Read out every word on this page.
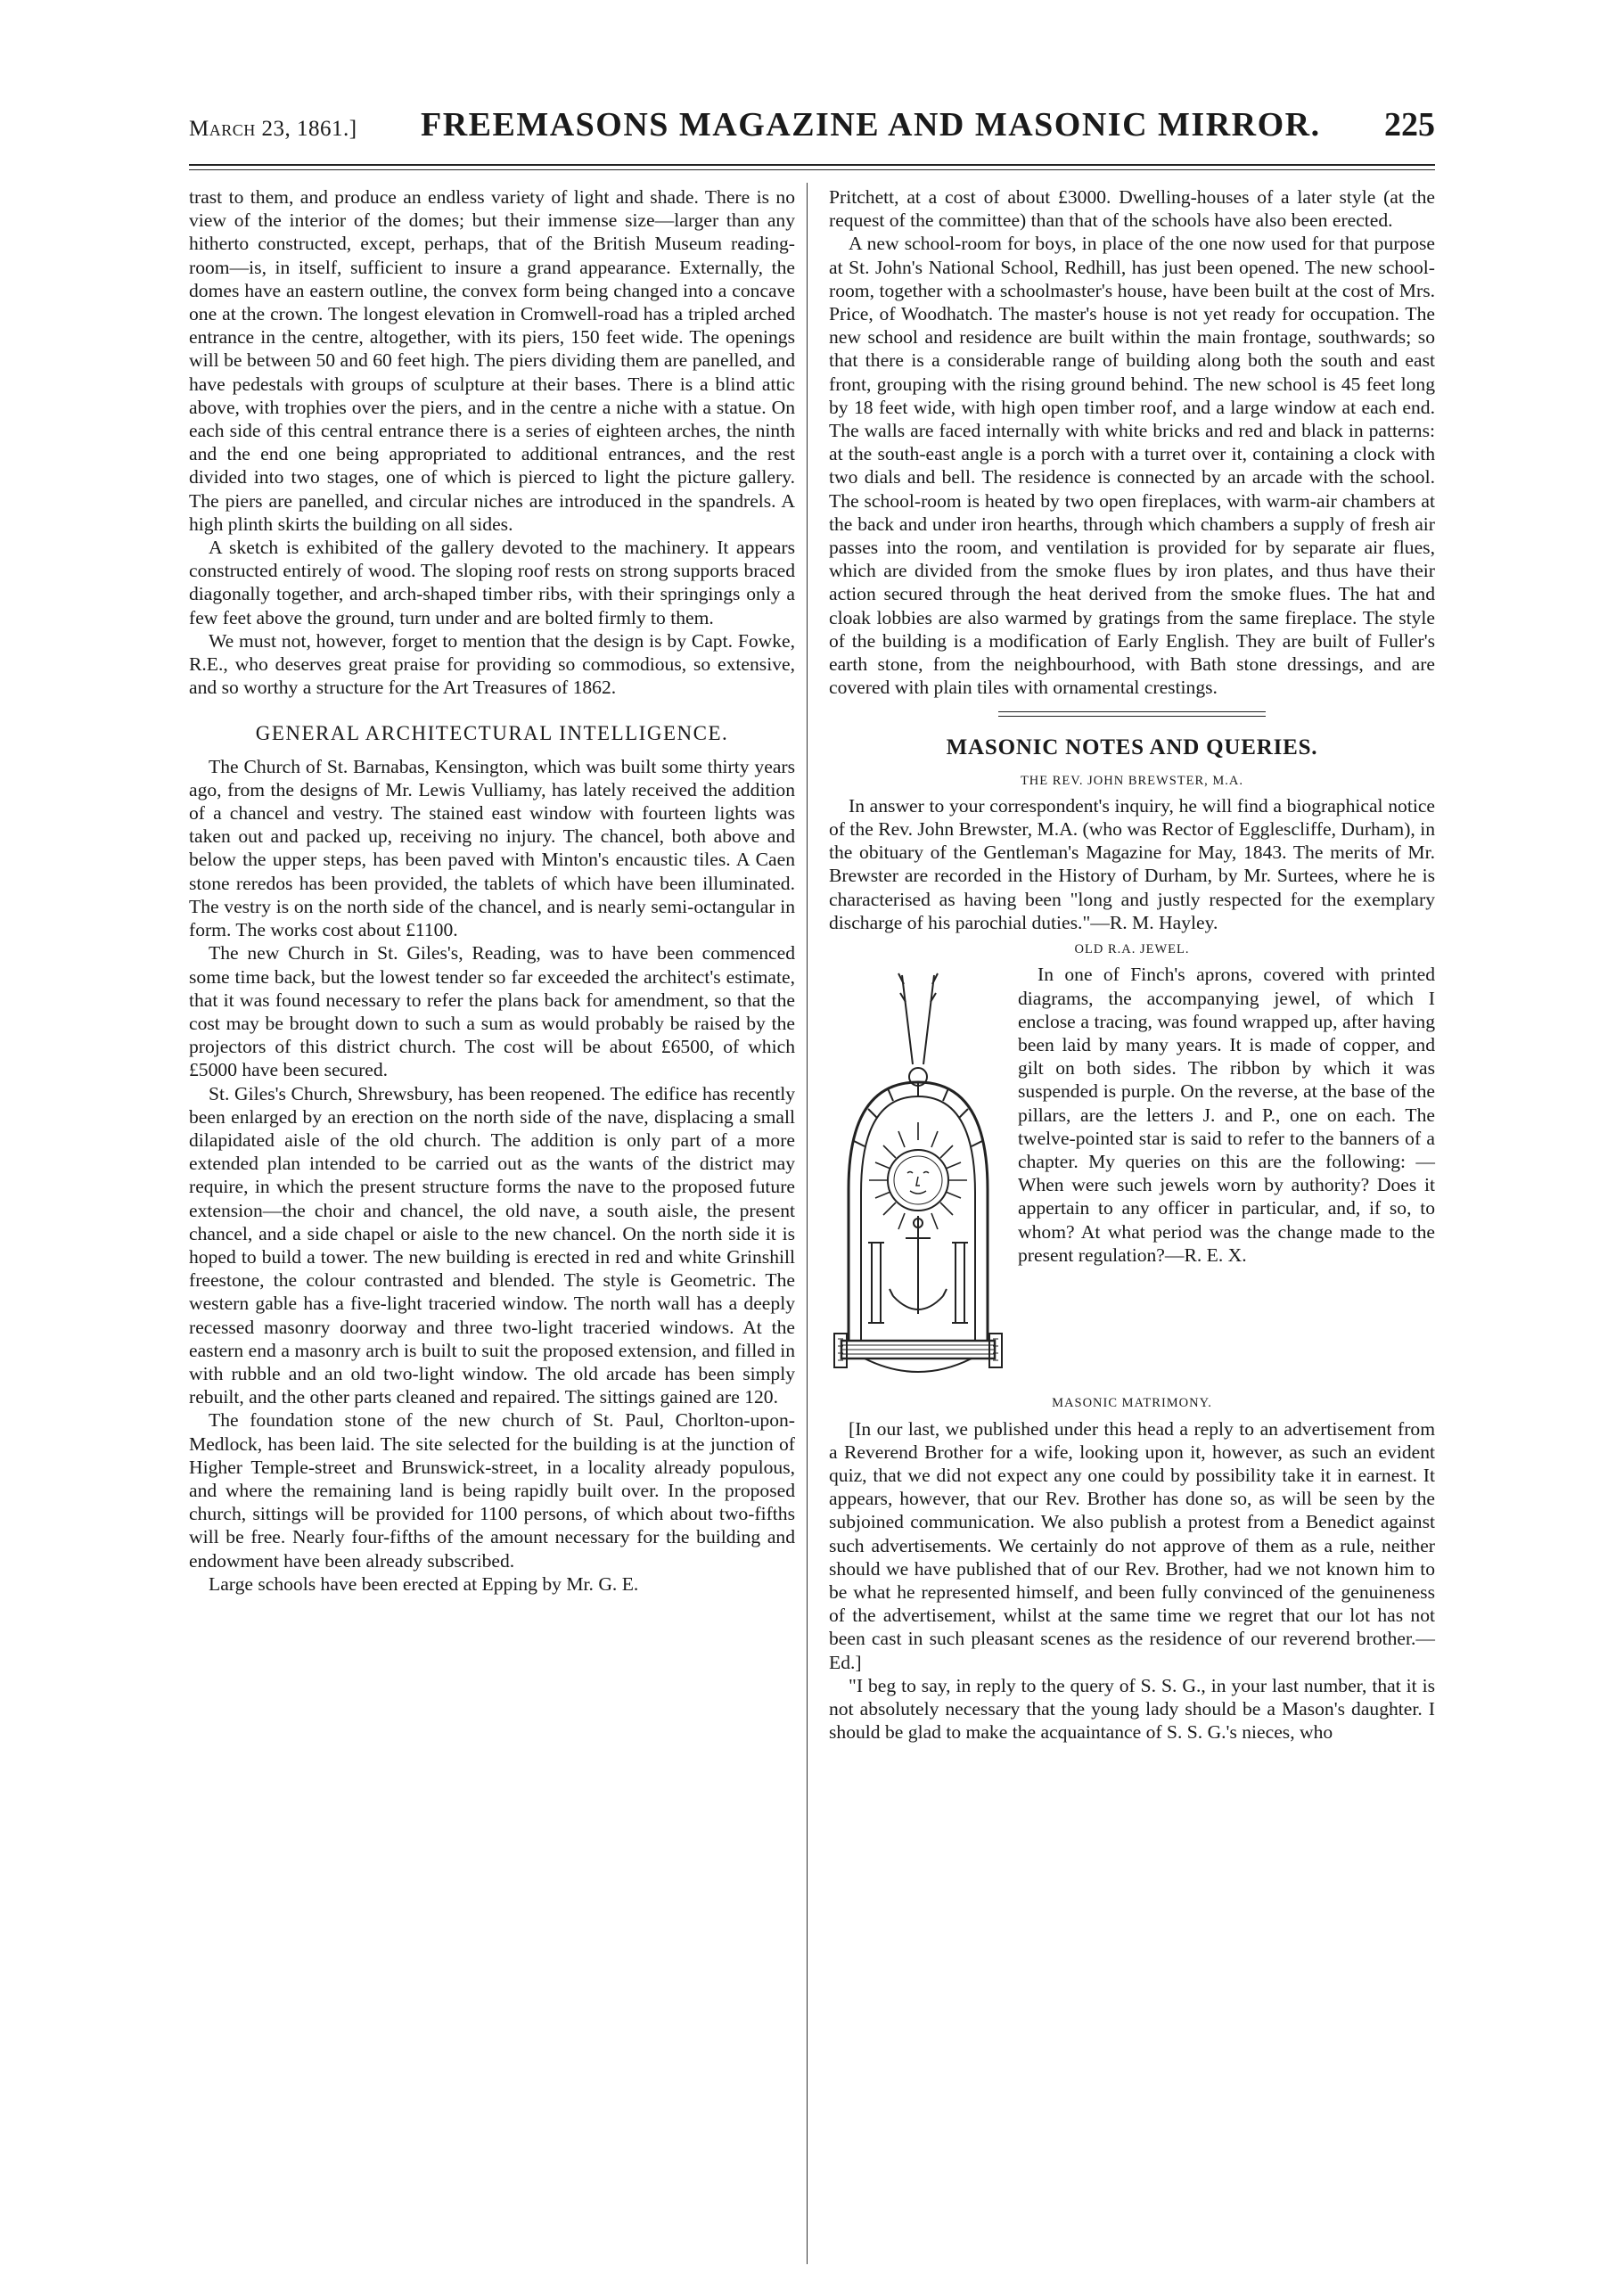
March 23, 1861.]	FREEMASONS MAGAZINE AND MASONIC MIRROR.	225

trast to them, and produce an endless variety of light and shade. There is no view of the interior of the domes; but their immense size—larger than any hitherto constructed, except, perhaps, that of the British Museum reading-room—is, in itself, sufficient to insure a grand appearance. Externally, the domes have an eastern outline, the convex form being changed into a concave one at the crown. The longest elevation in Cromwell-road has a tripled arched entrance in the centre, altogether, with its piers, 150 feet wide. The openings will be between 50 and 60 feet high. The piers dividing them are panelled, and have pedestals with groups of sculpture at their bases. There is a blind attic above, with trophies over the piers, and in the centre a niche with a statue. On each side of this central entrance there is a series of eighteen arches, the ninth and the end one being appropriated to additional entrances, and the rest divided into two stages, one of which is pierced to light the picture gallery. The piers are panelled, and circular niches are introduced in the spandrels. A high plinth skirts the building on all sides.

A sketch is exhibited of the gallery devoted to the machinery. It appears constructed entirely of wood. The sloping roof rests on strong supports braced diagonally together, and arch-shaped timber ribs, with their springings only a few feet above the ground, turn under and are bolted firmly to them.

We must not, however, forget to mention that the design is by Capt. Fowke, R.E., who deserves great praise for providing so commodious, so extensive, and so worthy a structure for the Art Treasures of 1862.

GENERAL ARCHITECTURAL INTELLIGENCE.

The Church of St. Barnabas, Kensington, which was built some thirty years ago, from the designs of Mr. Lewis Vulliamy, has lately received the addition of a chancel and vestry. The stained east window with fourteen lights was taken out and packed up, receiving no injury. The chancel, both above and below the upper steps, has been paved with Minton's encaustic tiles. A Caen stone reredos has been provided, the tablets of which have been illuminated. The vestry is on the north side of the chancel, and is nearly semi-octangular in form. The works cost about £1100.

The new Church in St. Giles's, Reading, was to have been commenced some time back, but the lowest tender so far exceeded the architect's estimate, that it was found necessary to refer the plans back for amendment, so that the cost may be brought down to such a sum as would probably be raised by the projectors of this district church. The cost will be about £6500, of which £5000 have been secured.

St. Giles's Church, Shrewsbury, has been reopened. The edifice has recently been enlarged by an erection on the north side of the nave, displacing a small dilapidated aisle of the old church. The addition is only part of a more extended plan intended to be carried out as the wants of the district may require, in which the present structure forms the nave to the proposed future extension—the choir and chancel, the old nave, a south aisle, the present chancel, and a side chapel or aisle to the new chancel. On the north side it is hoped to build a tower. The new building is erected in red and white Grinshill freestone, the colour contrasted and blended. The style is Geometric. The western gable has a five-light traceried window. The north wall has a deeply recessed masonry doorway and three two-light traceried windows. At the eastern end a masonry arch is built to suit the proposed extension, and filled in with rubble and an old two-light window. The old arcade has been simply rebuilt, and the other parts cleaned and repaired. The sittings gained are 120.

The foundation stone of the new church of St. Paul, Chorlton-upon-Medlock, has been laid. The site selected for the building is at the junction of Higher Temple-street and Brunswick-street, in a locality already populous, and where the remaining land is being rapidly built over. In the proposed church, sittings will be provided for 1100 persons, of which about two-fifths will be free. Nearly four-fifths of the amount necessary for the building and endowment have been already subscribed.

Large schools have been erected at Epping by Mr. G. E.

Pritchett, at a cost of about £3000. Dwelling-houses of a later style (at the request of the committee) than that of the schools have also been erected.

A new school-room for boys, in place of the one now used for that purpose at St. John's National School, Redhill, has just been opened. The new school-room, together with a schoolmaster's house, have been built at the cost of Mrs. Price, of Woodhatch. The master's house is not yet ready for occupation. The new school and residence are built within the main frontage, southwards; so that there is a considerable range of building along both the south and east front, grouping with the rising ground behind. The new school is 45 feet long by 18 feet wide, with high open timber roof, and a large window at each end. The walls are faced internally with white bricks and red and black in patterns: at the south-east angle is a porch with a turret over it, containing a clock with two dials and bell. The residence is connected by an arcade with the school. The school-room is heated by two open fireplaces, with warm-air chambers at the back and under iron hearths, through which chambers a supply of fresh air passes into the room, and ventilation is provided for by separate air flues, which are divided from the smoke flues by iron plates, and thus have their action secured through the heat derived from the smoke flues. The hat and cloak lobbies are also warmed by gratings from the same fireplace. The style of the building is a modification of Early English. They are built of Fuller's earth stone, from the neighbourhood, with Bath stone dressings, and are covered with plain tiles with ornamental crestings.

MASONIC NOTES AND QUERIES.
THE REV. JOHN BREWSTER, M.A.

In answer to your correspondent's inquiry, he will find a biographical notice of the Rev. John Brewster, M.A. (who was Rector of Egglescliffe, Durham), in the obituary of the Gentleman's Magazine for May, 1843. The merits of Mr. Brewster are recorded in the History of Durham, by Mr. Surtees, where he is characterised as having been "long and justly respected for the exemplary discharge of his parochial duties."—R. M. Hayley.

OLD R.A. JEWEL.

In one of Finch's aprons, covered with printed diagrams, the accompanying jewel, of which I enclose a tracing, was found wrapped up, after having been laid by many years. It is made of copper, and gilt on both sides. The ribbon by which it was suspended is purple. On the reverse, at the base of the pillars, are the letters J. and P., one on each. The twelve-pointed star is said to refer to the banners of a chapter. My queries on this are the following: —When were such jewels worn by authority? Does it appertain to any officer in particular, and, if so, to whom? At what period was the change made to the present regulation?—R. E. X.

MASONIC MATRIMONY.

[In our last, we published under this head a reply to an advertisement from a Reverend Brother for a wife, looking upon it, however, as such an evident quiz, that we did not expect any one could by possibility take it in earnest. It appears, however, that our Rev. Brother has done so, as will be seen by the subjoined communication. We also publish a protest from a Benedict against such advertisements. We certainly do not approve of them as a rule, neither should we have published that of our Rev. Brother, had we not known him to be what he represented himself, and been fully convinced of the genuineness of the advertisement, whilst at the same time we regret that our lot has not been cast in such pleasant scenes as the residence of our reverend brother.—Ed.]

"I beg to say, in reply to the query of S. S. G., in your last number, that it is not absolutely necessary that the young lady should be a Mason's daughter. I should be glad to make the acquaintance of S. S. G.'s nieces, who
